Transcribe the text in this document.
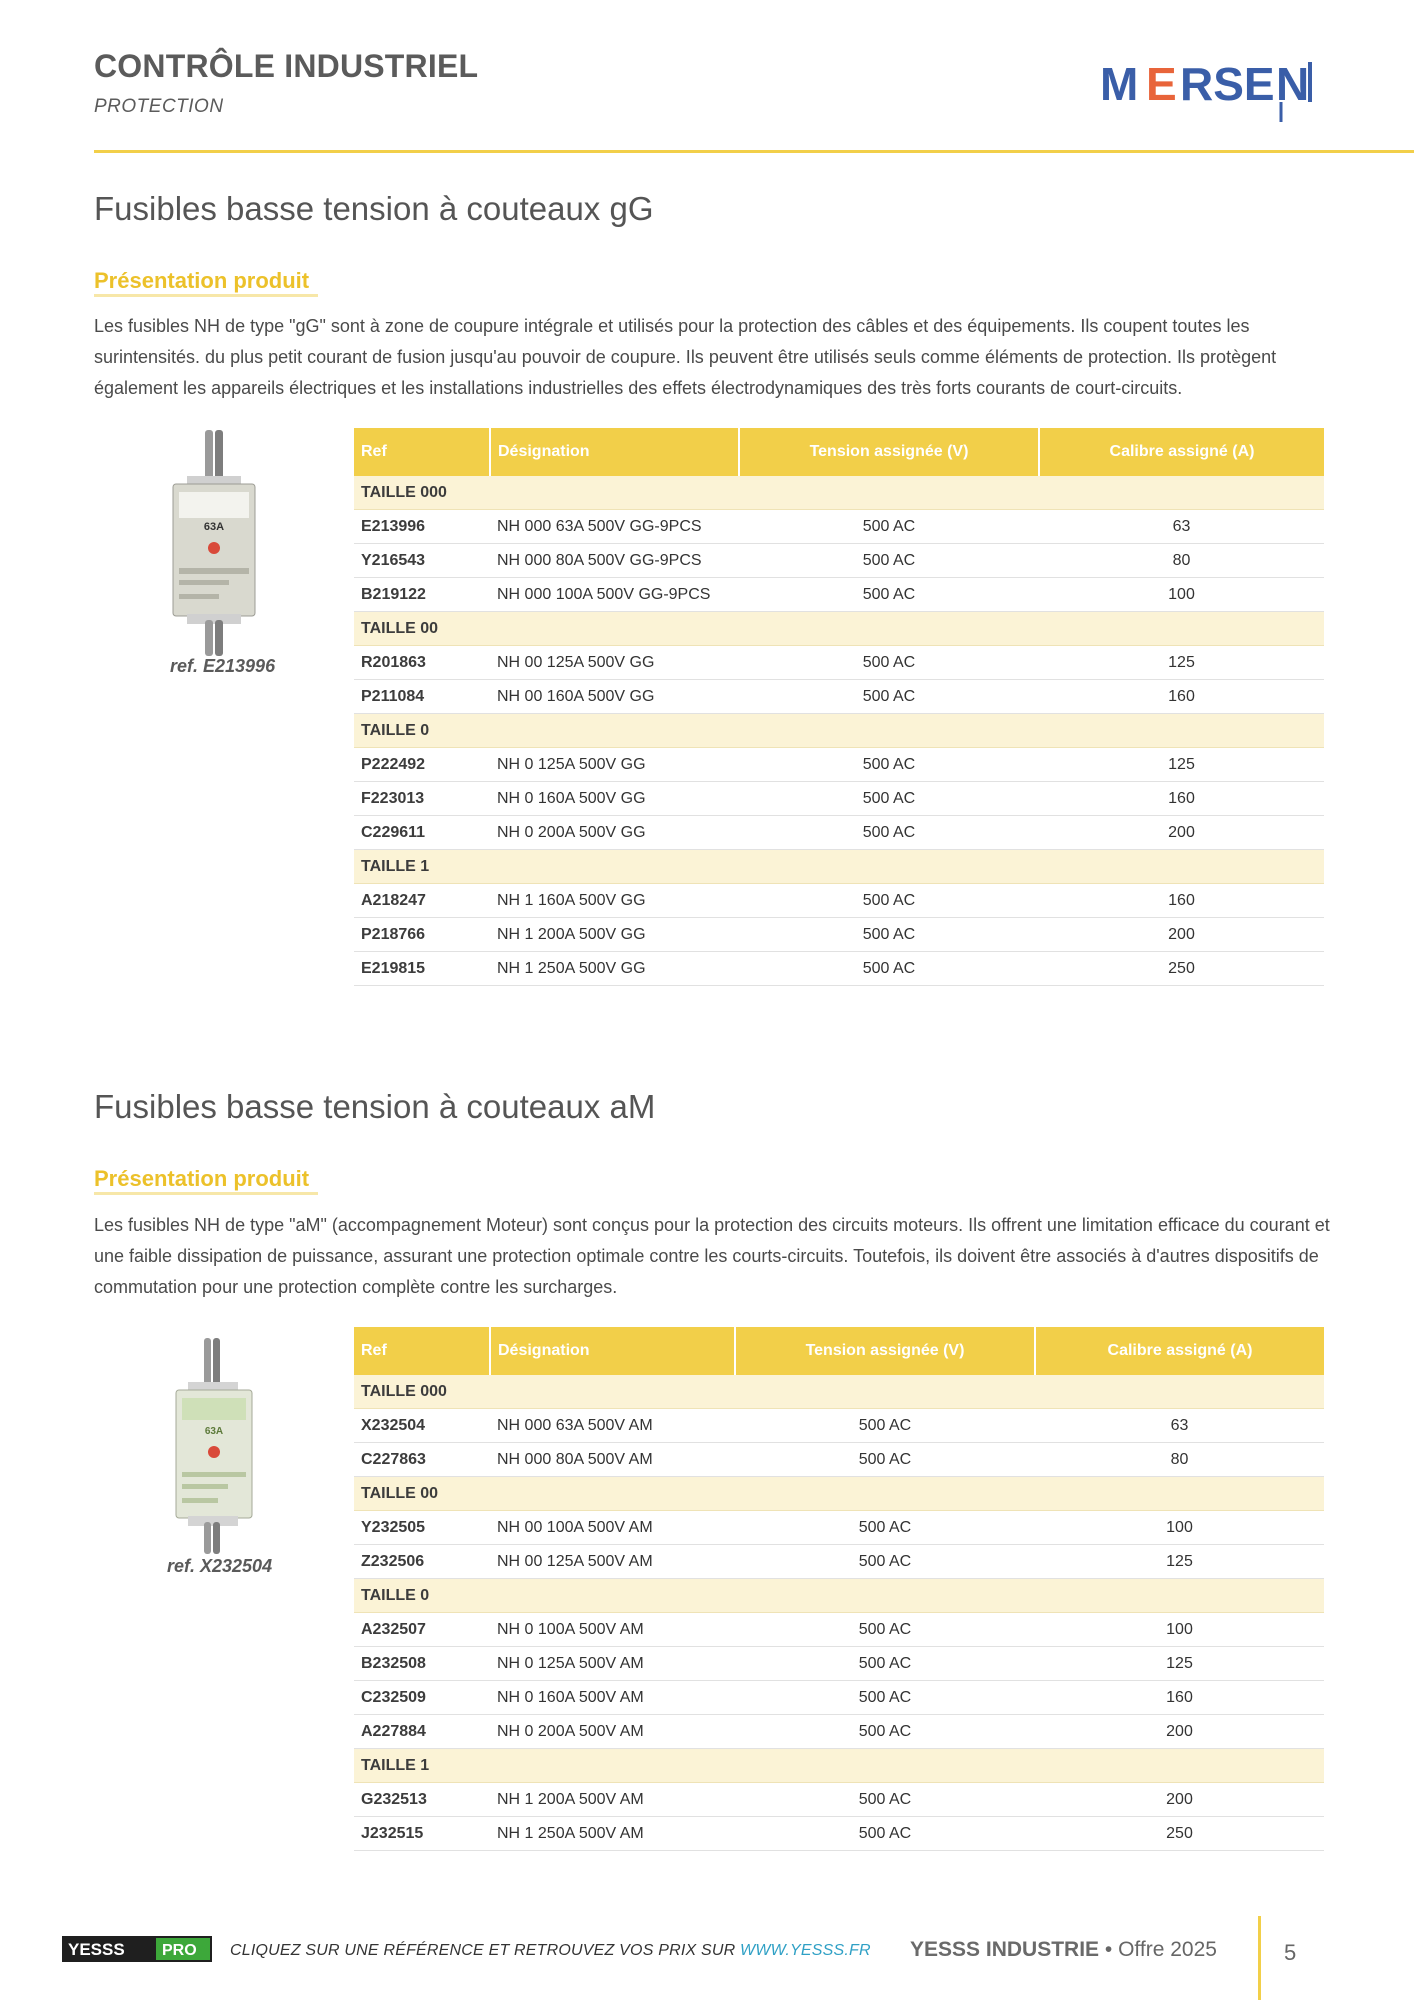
CONTRÔLE INDUSTRIEL
PROTECTION	M E RSE N
Fusibles basse tension à couteaux gG
Présentation produit
Les fusibles NH de type "gG" sont à zone de coupure intégrale et utilisés pour la protection des câbles et des équipements. Ils coupent toutes les surintensités. du plus petit courant de fusion jusqu'au pouvoir de coupure. Ils peuvent être utilisés seuls comme éléments de protection. Ils protègent également les appareils électriques et les installations industrielles des effets électrodynamiques des très forts courants de court-circuits.
63A
ref. E213996
Ref	Désignation	Tension assignée (V)	Calibre assigné (A)
TAILLE 000			
E213996	NH 000 63A 500V GG-9PCS	500 AC	63
Y216543	NH 000 80A 500V GG-9PCS	500 AC	80
B219122	NH 000 100A 500V GG-9PCS	500 AC	100
TAILLE 00			
R201863	NH 00 125A 500V GG	500 AC	125
P211084	NH 00 160A 500V GG	500 AC	160
TAILLE 0			
P222492	NH 0 125A 500V GG	500 AC	125
F223013	NH 0 160A 500V GG	500 AC	160
C229611	NH 0 200A 500V GG	500 AC	200
TAILLE 1			
A218247	NH 1 160A 500V GG	500 AC	160
P218766	NH 1 200A 500V GG	500 AC	200
E219815	NH 1 250A 500V GG	500 AC	250
Fusibles basse tension à couteaux aM
Présentation produit
Les fusibles NH de type "aM" (accompagnement Moteur) sont conçus pour la protection des circuits moteurs. Ils offrent une limitation efficace du courant et une faible dissipation de puissance, assurant une protection optimale contre les courts-circuits. Toutefois, ils doivent être associés à d'autres dispositifs de commutation pour une protection complète contre les surcharges.
63A
ref. X232504
Ref	Désignation	Tension assignée (V)	Calibre assigné (A)
TAILLE 000			
X232504	NH 000 63A 500V AM	500 AC	63
C227863	NH 000 80A 500V AM	500 AC	80
TAILLE 00			
Y232505	NH 00 100A 500V AM	500 AC	100
Z232506	NH 00 125A 500V AM	500 AC	125
TAILLE 0			
A232507	NH 0 100A 500V AM	500 AC	100
B232508	NH 0 125A 500V AM	500 AC	125
C232509	NH 0 160A 500V AM	500 AC	160
A227884	NH 0 200A 500V AM	500 AC	200
TAILLE 1			
G232513	NH 1 200A 500V AM	500 AC	200
J232515	NH 1 250A 500V AM	500 AC	250
YESSS PRO CLIQUEZ SUR UNE RÉFÉRENCE ET RETROUVEZ VOS PRIX SUR WWW.YESSS.FR YESSS INDUSTRIE • Offre 2025	5
